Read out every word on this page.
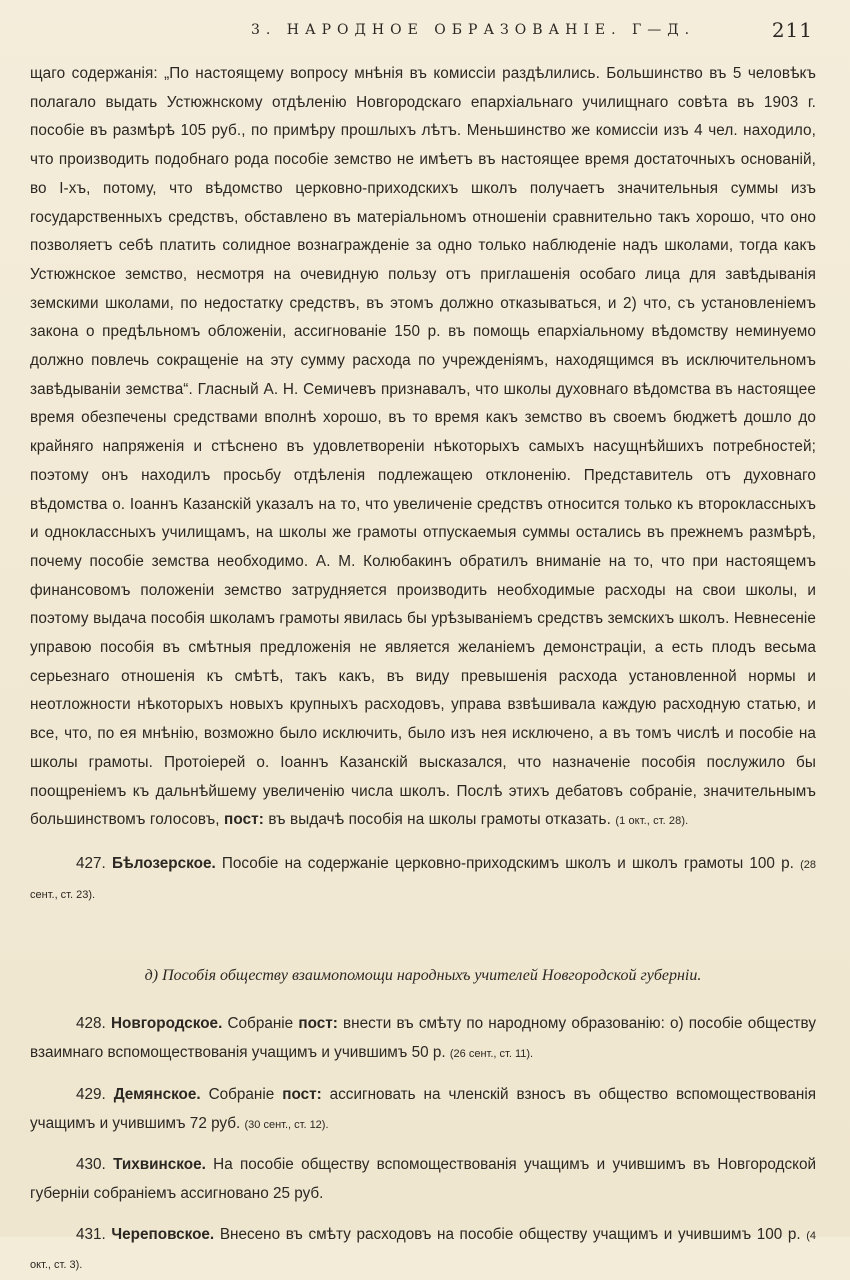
3. НАРОДНОЕ ОБРАЗОВАНІЕ. Г—Д.	211

щаго содержанія: „По настоящему вопросу мнѣнія въ комиссіи раздѣлились. Большинство въ 5 человѣкъ полагало выдать Устюжнскому отдѣленію Новгородскаго епархіальнаго училищнаго совѣта въ 1903 г. пособіе въ размѣрѣ 105 руб., по примѣру прошлыхъ лѣтъ. Меньшинство же комиссіи изъ 4 чел. находило, что производить подобнаго рода пособіе земство не имѣетъ въ настоящее время достаточныхъ основаній, во I-хъ, потому, что вѣдомство церковно-приходскихъ школъ получаетъ значительныя суммы изъ государственныхъ средствъ, обставлено въ матеріальномъ отношеніи сравнительно такъ хорошо, что оно позволяетъ себѣ платить солидное вознагражденіе за одно только наблюденіе надъ школами, тогда какъ Устюжнское земство, несмотря на очевидную пользу отъ приглашенія особаго лица для завѣдыванія земскими школами, по недостатку средствъ, въ этомъ должно отказываться, и 2) что, съ установленіемъ закона о предѣльномъ обложеніи, ассигнованіе 150 р. въ помощь епархіальному вѣдомству неминуемо должно повлечь сокращеніе на эту сумму расхода по учрежденіямъ, находящимся въ исключительномъ завѣдываніи земства“. Гласный А. Н. Семичевъ признавалъ, что школы духовнаго вѣдомства въ настоящее время обезпечены средствами вполнѣ хорошо, въ то время какъ земство въ своемъ бюджетѣ дошло до крайняго напряженія и стѣснено въ удовлетвореніи нѣкоторыхъ самыхъ насущнѣйшихъ потребностей; поэтому онъ находилъ просьбу отдѣленія подлежащею отклоненію. Представитель отъ духовнаго вѣдомства о. Іоаннъ Казанскій указалъ на то, что увеличеніе средствъ относится только къ второклассныхъ и одноклассныхъ училищамъ, на школы же грамоты отпускаемыя суммы остались въ прежнемъ размѣрѣ, почему пособіе земства необходимо. А. М. Колюбакинъ обратилъ вниманіе на то, что при настоящемъ финансовомъ положеніи земство затрудняется производить необходимые расходы на свои школы, и поэтому выдача пособія школамъ грамоты явилась бы урѣзываніемъ средствъ земскихъ школъ. Невнесеніе управою пособія въ смѣтныя предложенія не является желаніемъ демонстраціи, а есть плодъ весьма серьезнаго отношенія къ смѣтѣ, такъ какъ, въ виду превышенія расхода установленной нормы и неотложности нѣкоторыхъ новыхъ крупныхъ расходовъ, управа взвѣшивала каждую расходную статью, и все, что, по ея мнѣнію, возможно было исключить, было изъ нея исключено, а въ томъ числѣ и пособіе на школы грамоты. Протоіерей о. Іоаннъ Казанскій высказался, что назначеніе пособія послужило бы поощреніемъ къ дальнѣйшему увеличенію числа школъ. Послѣ этихъ дебатовъ собраніе, значительнымъ большинствомъ голосовъ, пост: въ выдачѣ пособія на школы грамоты отказать. (1 окт., ст. 28).

427. Бѣлозерское. Пособіе на содержаніе церковно-приходскимъ школъ и школъ грамоты 100 р. (28 сент., ст. 23).

д) Пособія обществу взаимопомощи народныхъ учителей Новгородской губерніи.

428. Новгородское. Собраніе пост: внести въ смѣту по народному образованію: о) пособіе обществу взаимнаго вспомоществованія учащимъ и учившимъ 50 р. (26 сент., ст. 11).

429. Демянское. Собраніе пост: ассигновать на членскій взносъ въ общество вспомоществованія учащимъ и учившимъ 72 руб. (30 сент., ст. 12).

430. Тихвинское. На пособіе обществу вспомоществованія учащимъ и учившимъ въ Новгородской губерніи собраніемъ ассигновано 25 руб.

431. Череповское. Внесено въ смѣту расходовъ на пособіе обществу учащимъ и учившимъ 100 р. (4 окт., ст. 3).
